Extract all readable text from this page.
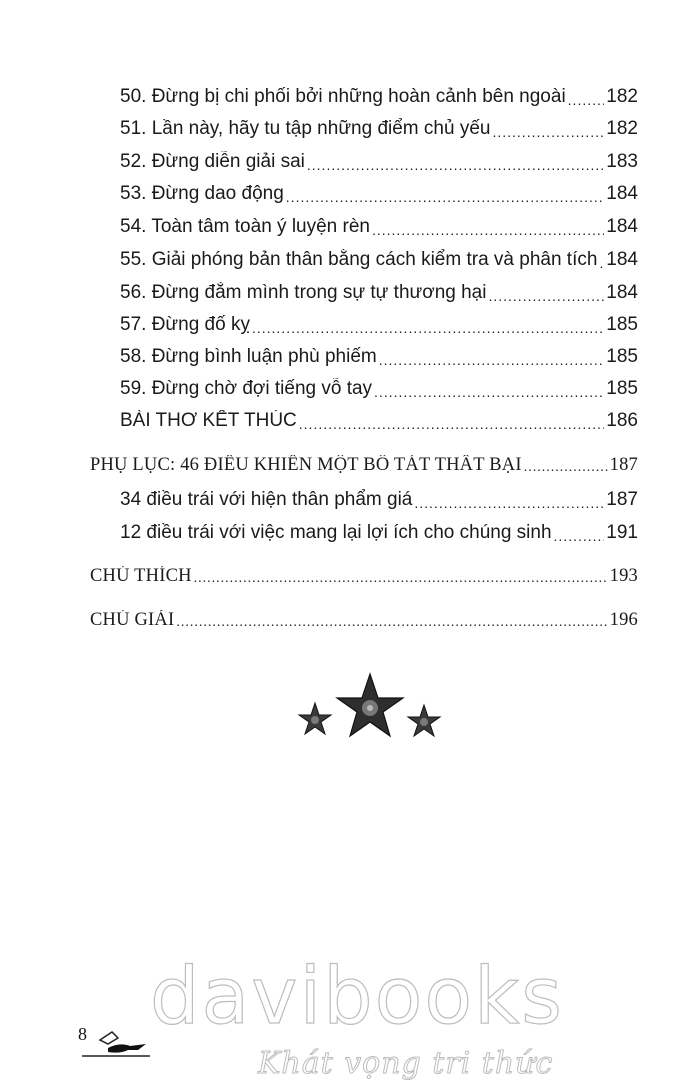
50. Đừng bị chi phối bởi những hoàn cảnh bên ngoài ..... 182
51. Lần này, hãy tu tập những điểm chủ yếu .....	182
52. Đừng diễn giải sai .....	183
53. Đừng dao động .....	184
54. Toàn tâm toàn ý luyện rèn .....	184
55. Giải phóng bản thân bằng cách kiểm tra và phân tích ..... 184
56. Đừng đắm mình trong sự tự thương hại .....	184
57. Đừng đố kỵ .....	185
58. Đừng bình luận phù phiếm .....	185
59. Đừng chờ đợi tiếng vỗ tay .....	185
BÀI THƠ KẾT THÚC .....	186
PHỤ LỤC: 46 ĐIỀU KHIẾN MỘT BỒ TÁT THẤT BẠI .....	187
34 điều trái với hiện thân phẩm giá .....	187
12 điều trái với việc mang lại lợi ích cho chúng sinh .....	191
CHÚ THÍCH .....	193
CHÚ GIẢI .....	196
davibooks
Khát vọng tri thức
8
